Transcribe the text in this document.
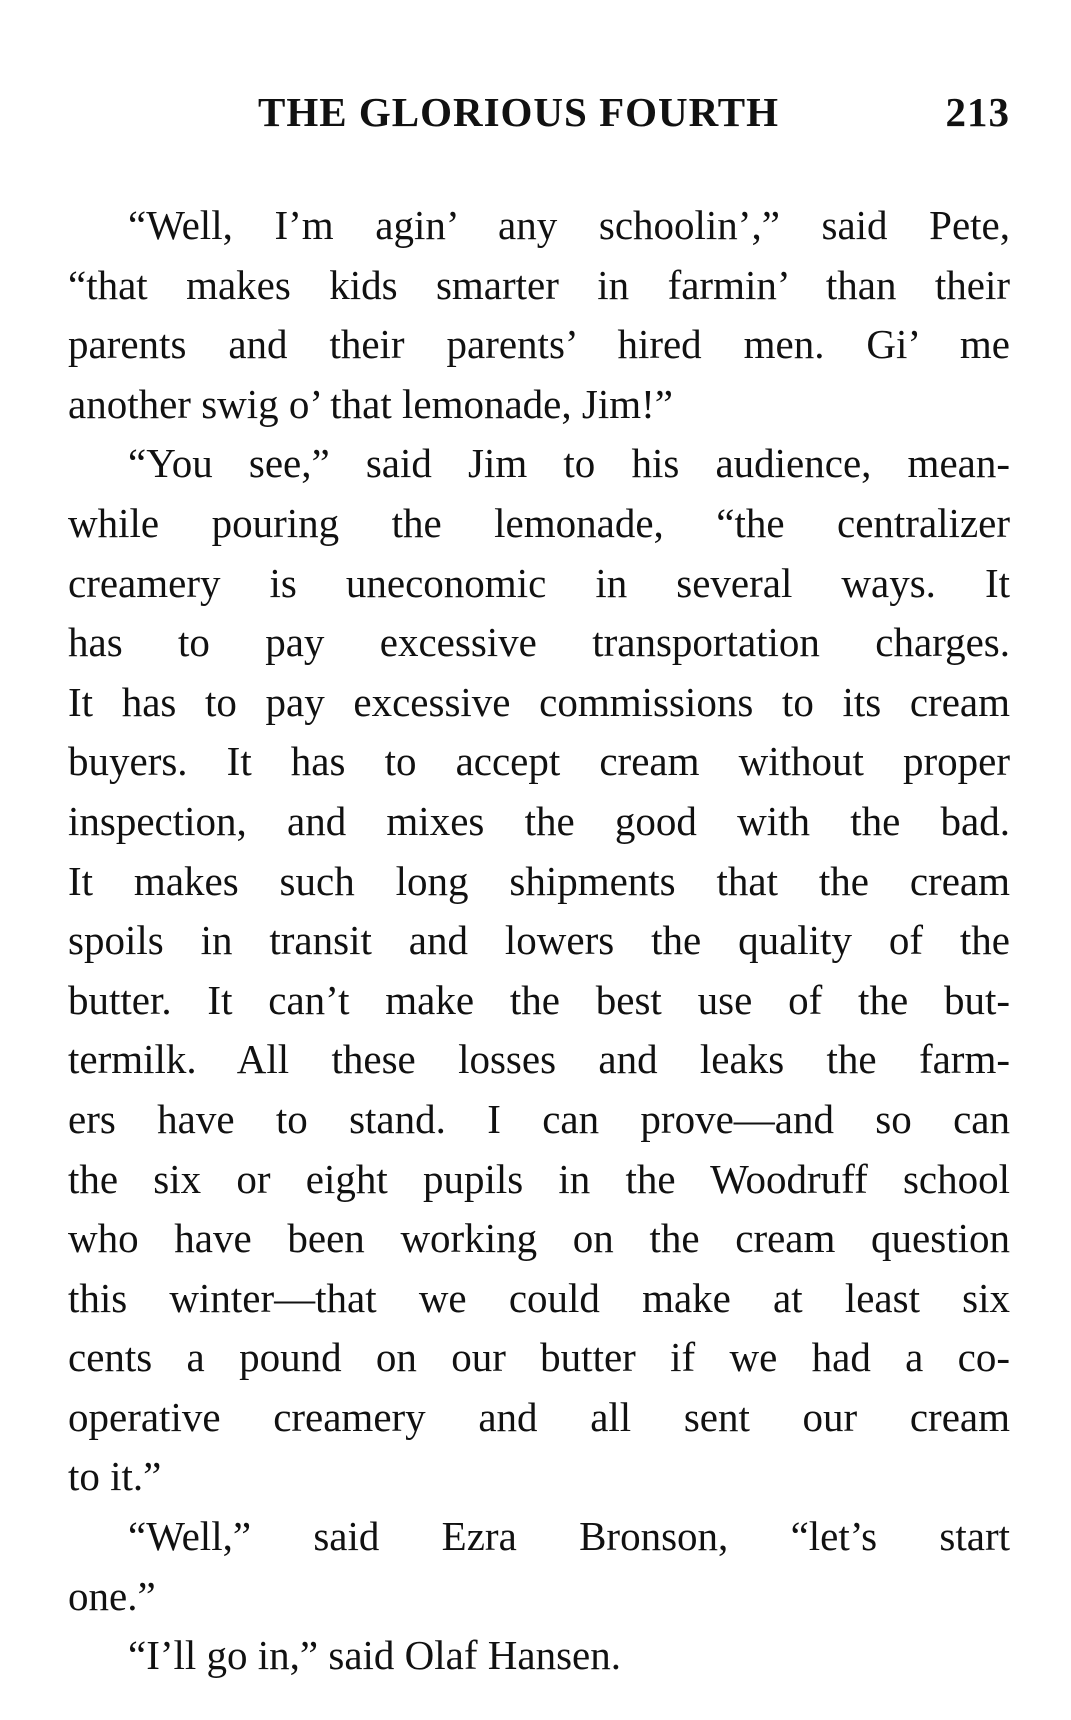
THE GLORIOUS FOURTH	213
“Well, I’m agin’ any schoolin’,” said Pete,
“that makes kids smarter in farmin’ than their
parents and their parents’ hired men. Gi’ me
another swig o’ that lemonade, Jim!”
“You see,” said Jim to his audience, mean-
while pouring the lemonade, “the centralizer
creamery is uneconomic in several ways. It
has to pay excessive transportation charges.
It has to pay excessive commissions to its cream
buyers. It has to accept cream without proper
inspection, and mixes the good with the bad.
It makes such long shipments that the cream
spoils in transit and lowers the quality of the
butter. It can’t make the best use of the but-
termilk. All these losses and leaks the farm-
ers have to stand. I can prove—and so can
the six or eight pupils in the Woodruff school
who have been working on the cream question
this winter—that we could make at least six
cents a pound on our butter if we had a co-
operative creamery and all sent our cream
to it.”
“Well,” said Ezra Bronson, “let’s start
one.”
“I’ll go in,” said Olaf Hansen.
